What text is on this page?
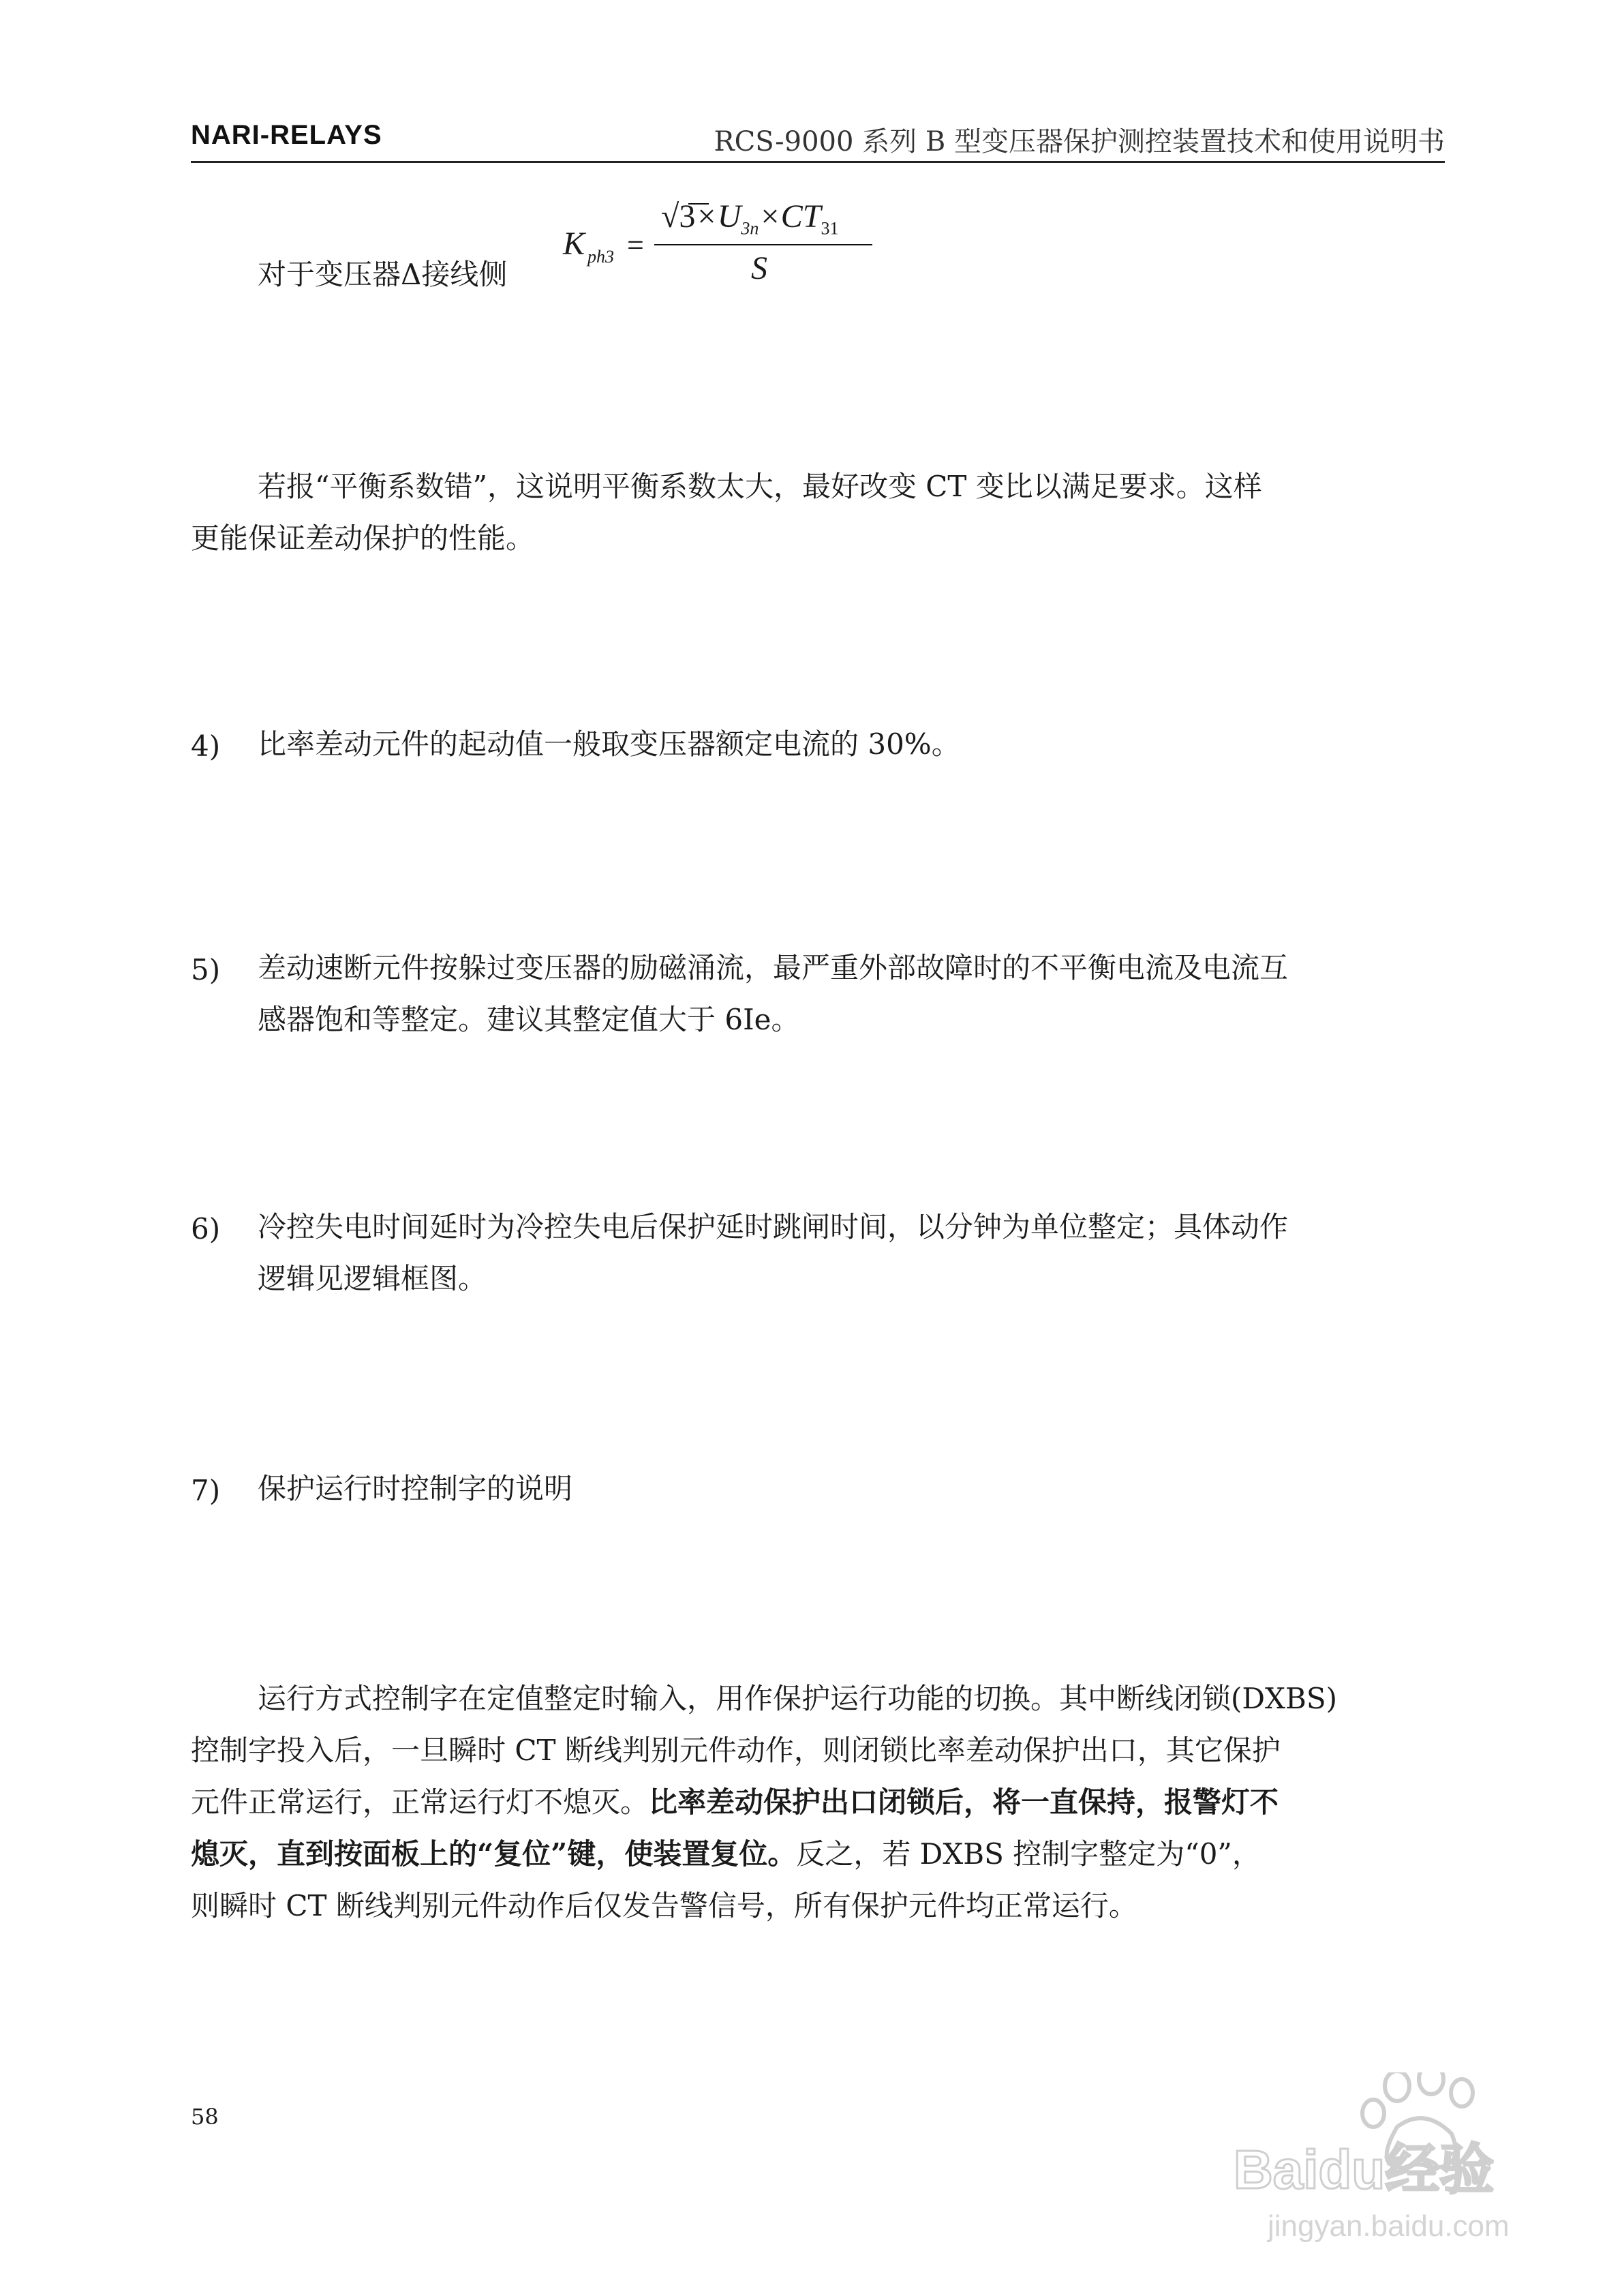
NARI-RELAYS	RCS-9000 系列 B 型变压器保护测控装置技术和使用说明书
对于变压器Δ接线侧
K ph3 =
$√3\times U_{3n}\times CT_{31}$
S
若报“平衡系数错”，这说明平衡系数太大，最好改变 CT 变比以满足要求。这样
更能保证差动保护的性能。
4) 比率差动元件的起动值一般取变压器额定电流的 30%。
5) 差动速断元件按躲过变压器的励磁涌流，最严重外部故障时的不平衡电流及电流互
感器饱和等整定。建议其整定值大于 6Ie。
6) 冷控失电时间延时为冷控失电后保护延时跳闸时间，以分钟为单位整定；具体动作
逻辑见逻辑框图。
7) 保护运行时控制字的说明
运行方式控制字在定值整定时输入，用作保护运行功能的切换。其中断线闭锁(DXBS)
控制字投入后，一旦瞬时 CT 断线判别元件动作，则闭锁比率差动保护出口，其它保护
元件正常运行，正常运行灯不熄灭。比率差动保护出口闭锁后，将一直保持，报警灯不
熄灭，直到按面板上的“复位”键，使装置复位。反之，若 DXBS 控制字整定为“0”，
则瞬时 CT 断线判别元件动作后仅发告警信号，所有保护元件均正常运行。
58
Baidu经验
jingyan.baidu.com
